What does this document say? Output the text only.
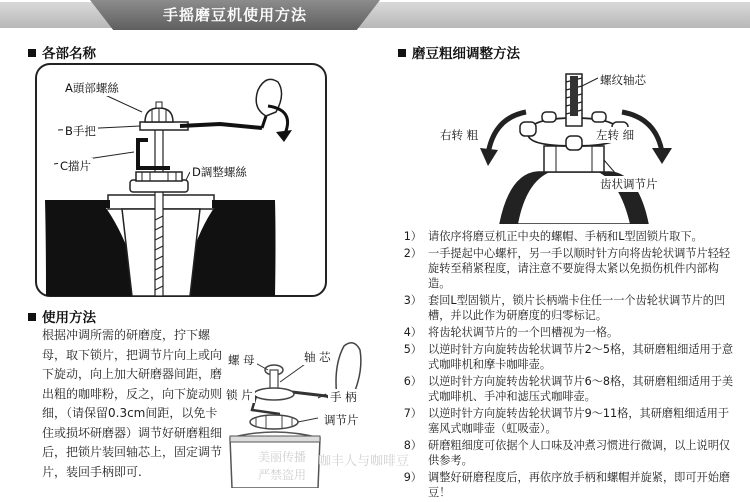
手摇磨豆机使用方法
各部名称
A頭部螺絲
B手把
C擋片	D調整螺絲
使用方法
根据冲调所需的研磨度，拧下螺母，取下锁片，把调节片向上或向下旋动，向上加大研磨器间距，磨出粗的咖啡粉，反之，向下旋动则细，（请保留0.3cm间距，以免卡住或损坏研磨器）调节好研磨粗细后，把锁片装回轴芯上，固定调节片，装回手柄即可.
螺 母	轴 芯
锁 片	手 柄
调节片
磨豆粗细调整方法
螺纹轴芯
右转 粗	左转 细
齿状调节片
1） 请依序将磨豆机正中央的螺帽、手柄和L型固锁片取下。
2） 一手提起中心螺杆，另一手以顺时针方向将齿轮状调节片轻轻旋转至稍紧程度，请注意不要旋得太紧以免损伤机件内部构造。
3） 套回L型固锁片，锁片长柄端卡住任一一个齿轮状调节片的凹槽，并以此作为研磨度的归零标记。
4） 将齿轮状调节片的一个凹槽视为一格。
5） 以逆时针方向旋转齿轮状调节片2～5格，其研磨粗细适用于意式咖啡机和摩卡咖啡壶。
6） 以逆时针方向旋转齿轮状调节片6～8格，其研磨粗细适用于美式咖啡机、手冲和滤压式咖啡壶。
7） 以逆时针方向旋转齿轮状调节片9～11格，其研磨粗细适用于塞风式咖啡壶（虹吸壶）。
8） 研磨粗细度可依据个人口味及冲煮习惯进行微调，以上说明仅供参考。
9） 调整好研磨程度后，再依序放手柄和螺帽并旋紧，即可开始磨豆！
美丽传播
严禁盗用
咖丰人与咖啡豆
